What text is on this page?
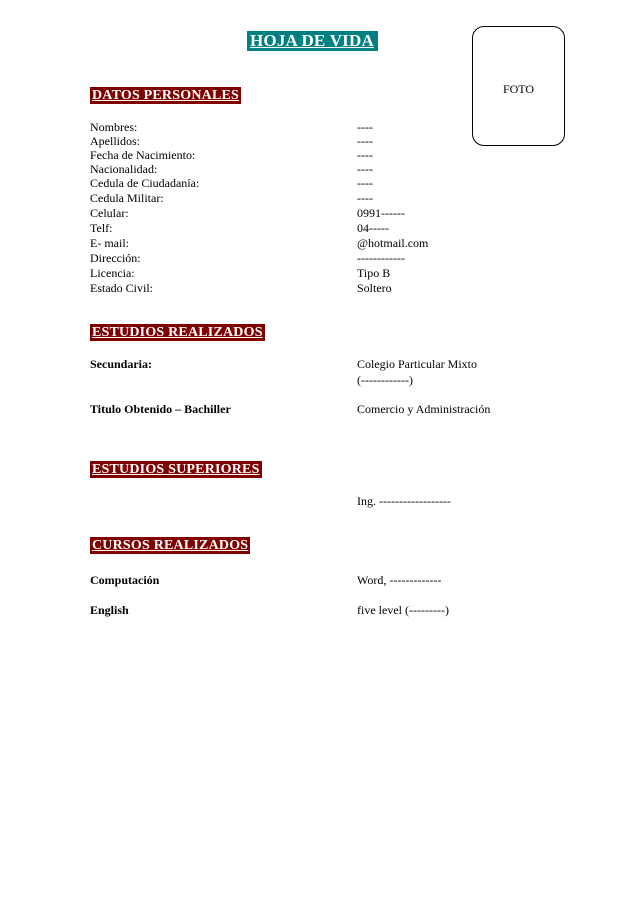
HOJA DE VIDA
FOTO
DATOS PERSONALES
Nombres:	----
Apellidos:	----
Fecha de Nacimiento:	----
Nacionalidad:	----
Cedula de Ciudadanía:	----
Cedula Militar:	----
Celular:	0991------
Telf:	04-----
E- mail:	@hotmail.com
Dirección:	------------
Licencia:	Tipo B
Estado Civil:	Soltero
ESTUDIOS REALIZADOS
Secundaria:	Colegio Particular Mixto
(------------)
Titulo Obtenido – Bachiller	Comercio y Administración
ESTUDIOS SUPERIORES
Ing. ------------------
CURSOS REALIZADOS
Computación	Word, -------------
English	five level (---------)
